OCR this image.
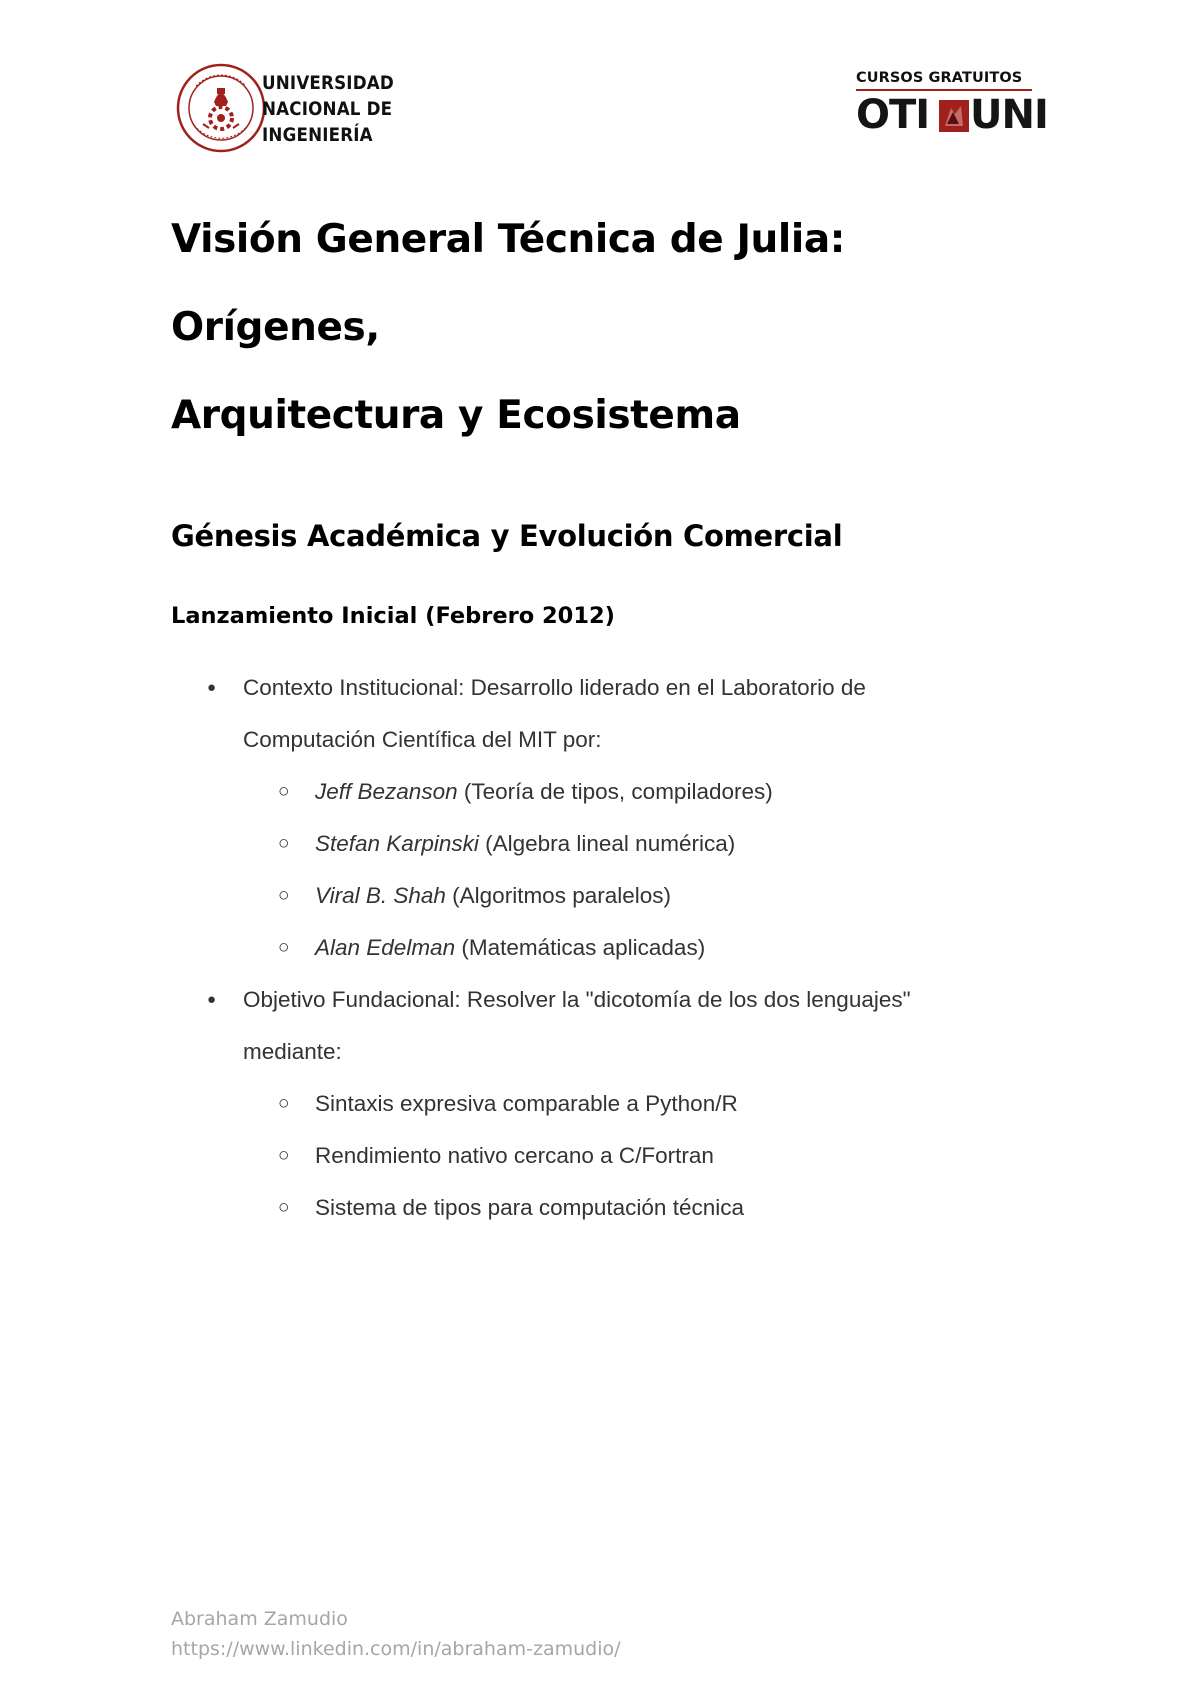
UNIVERSIDAD
NACIONAL DE
INGENIERÍA
CURSOS GRATUITOS
OTI UNI
Visión General Técnica de Julia: Orígenes,
Arquitectura y Ecosistema
Génesis Académica y Evolución Comercial
Lanzamiento Inicial (Febrero 2012)
● Contexto Institucional: Desarrollo liderado en el Laboratorio de
Computación Científica del MIT por:
○ Jeff Bezanson (Teoría de tipos, compiladores)
○ Stefan Karpinski (Algebra lineal numérica)
○ Viral B. Shah (Algoritmos paralelos)
○ Alan Edelman (Matemáticas aplicadas)
● Objetivo Fundacional: Resolver la "dicotomía de los dos lenguajes"
mediante:
○ Sintaxis expresiva comparable a Python/R
○ Rendimiento nativo cercano a C/Fortran
○ Sistema de tipos para computación técnica
Abraham Zamudio
https://www.linkedin.com/in/abraham-zamudio/
